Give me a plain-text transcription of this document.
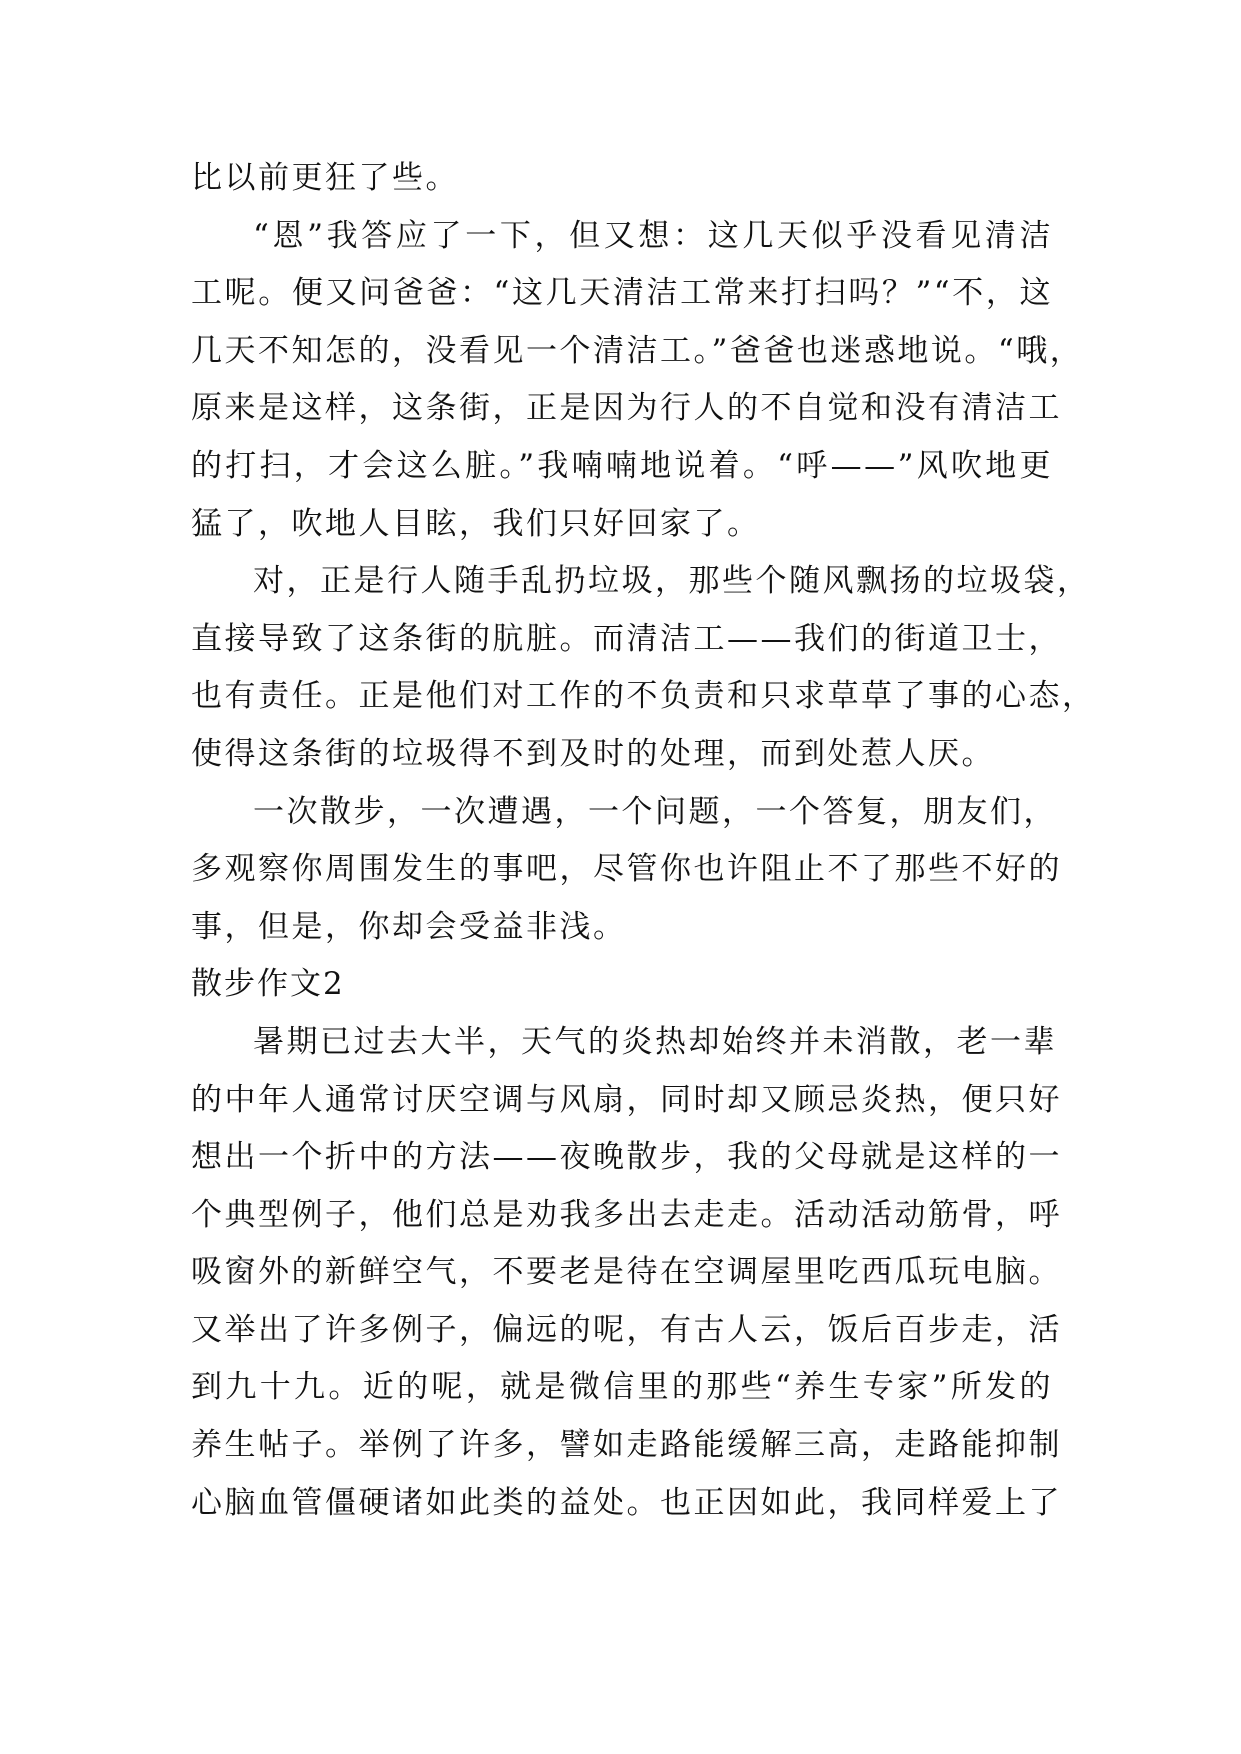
比以前更狂了些。
“恩”我答应了一下，但又想：这几天似乎没看见清洁
工呢。便又问爸爸：“这几天清洁工常来打扫吗？”“不，这
几天不知怎的，没看见一个清洁工。”爸爸也迷惑地说。“哦，
原来是这样，这条街，正是因为行人的不自觉和没有清洁工
的打扫，才会这么脏。”我喃喃地说着。“呼——”风吹地更
猛了，吹地人目眩，我们只好回家了。
对，正是行人随手乱扔垃圾，那些个随风飘扬的垃圾袋，
直接导致了这条街的肮脏。而清洁工——我们的街道卫士，
也有责任。正是他们对工作的不负责和只求草草了事的心态，
使得这条街的垃圾得不到及时的处理，而到处惹人厌。
一次散步，一次遭遇，一个问题，一个答复，朋友们，
多观察你周围发生的事吧，尽管你也许阻止不了那些不好的
事，但是，你却会受益非浅。
散步作文2
暑期已过去大半，天气的炎热却始终并未消散，老一辈
的中年人通常讨厌空调与风扇，同时却又顾忌炎热，便只好
想出一个折中的方法——夜晚散步，我的父母就是这样的一
个典型例子，他们总是劝我多出去走走。活动活动筋骨，呼
吸窗外的新鲜空气，不要老是待在空调屋里吃西瓜玩电脑。
又举出了许多例子，偏远的呢，有古人云，饭后百步走，活
到九十九。近的呢，就是微信里的那些“养生专家”所发的
养生帖子。举例了许多，譬如走路能缓解三高，走路能抑制
心脑血管僵硬诸如此类的益处。也正因如此，我同样爱上了
